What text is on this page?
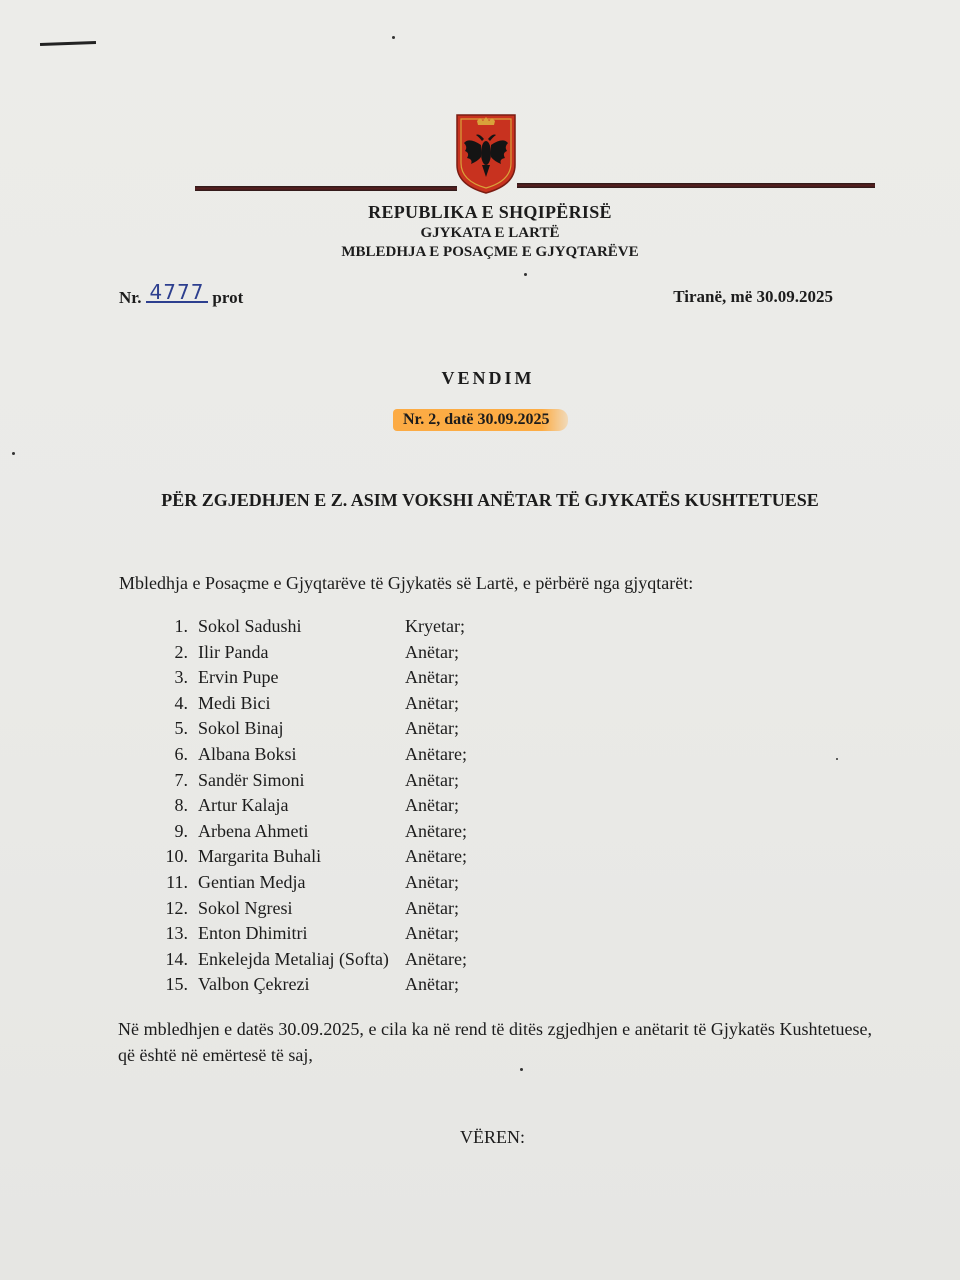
REPUBLIKA E SHQIPËRISË
GJYKATA E LARTË
MBLEDHJA E POSAÇME E GJYQTARËVE
Nr. 4777 prot	Tiranë, më 30.09.2025
VENDIM
Nr. 2, datë 30.09.2025
PËR ZGJEDHJEN E Z. ASIM VOKSHI ANËTAR TË GJYKATËS KUSHTETUESE
Mbledhja e Posaçme e Gjyqtarëve të Gjykatës së Lartë, e përbërë nga gjyqtarët:
1. Sokol Sadushi	Kryetar;
2. Ilir Panda	Anëtar;
3. Ervin Pupe	Anëtar;
4. Medi Bici	Anëtar;
5. Sokol Binaj	Anëtar;
6. Albana Boksi	Anëtare;
7. Sandër Simoni	Anëtar;
8. Artur Kalaja	Anëtar;
9. Arbena Ahmeti	Anëtare;
10. Margarita Buhali	Anëtare;
11. Gentian Medja	Anëtar;
12. Sokol Ngresi	Anëtar;
13. Enton Dhimitri	Anëtar;
14. Enkelejda Metaliaj (Softa) Anëtare;
15. Valbon Çekrezi	Anëtar;
Në mbledhjen e datës 30.09.2025, e cila ka në rend të ditës zgjedhjen e anëtarit të Gjykatës Kushtetuese, që është në emërtesë të saj,
VËREN:
